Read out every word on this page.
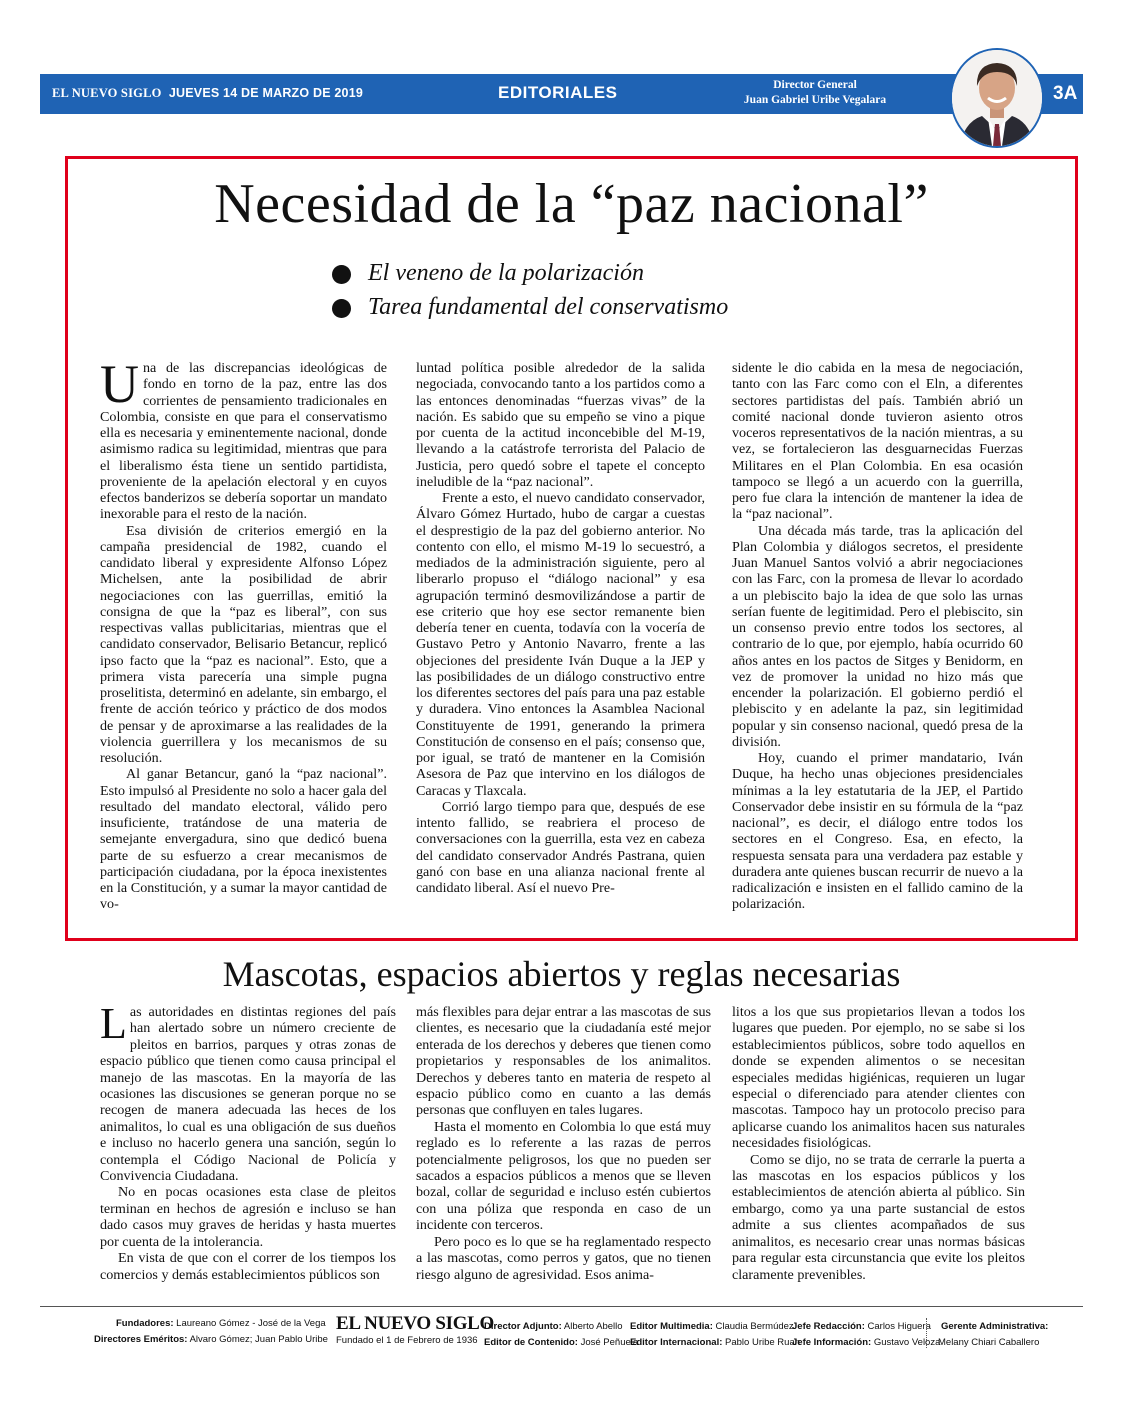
EL NUEVO SIGLO JUEVES 14 DE MARZO DE 2019	EDITORIALES	Director General
Juan Gabriel Uribe Vegalara	3A
Necesidad de la “paz nacional”
El veneno de la polarización
Tarea fundamental del conservatismo

Una de las discrepancias ideológicas de fondo en torno de la paz, entre las dos corrientes de pensamiento tradicionales en Colombia, consiste en que para el conservatismo ella es necesaria y eminentemente nacional, donde asimismo radica su legitimidad, mientras que para el liberalismo ésta tiene un sentido partidista, proveniente de la apelación electoral y en cuyos efectos banderizos se debería soportar un mandato inexorable para el resto de la nación.

Esa división de criterios emergió en la campaña presidencial de 1982, cuando el candidato liberal y expresidente Alfonso López Michelsen, ante la posibilidad de abrir negociaciones con las guerrillas, emitió la consigna de que la “paz es liberal”, con sus respectivas vallas publicitarias, mientras que el candidato conservador, Belisario Betancur, replicó ipso facto que la “paz es nacional”. Esto, que a primera vista parecería una simple pugna proselitista, determinó en adelante, sin embargo, el frente de acción teórico y práctico de dos modos de pensar y de aproximarse a las realidades de la violencia guerrillera y los mecanismos de su resolución.

Al ganar Betancur, ganó la “paz nacional”. Esto impulsó al Presidente no solo a hacer gala del resultado del mandato electoral, válido pero insuficiente, tratándose de una materia de semejante envergadura, sino que dedicó buena parte de su esfuerzo a crear mecanismos de participación ciudadana, por la época inexistentes en la Constitución, y a sumar la mayor cantidad de vo-

luntad política posible alrededor de la salida negociada, convocando tanto a los partidos como a las entonces denominadas “fuerzas vivas” de la nación. Es sabido que su empeño se vino a pique por cuenta de la actitud inconcebible del M-19, llevando a la catástrofe terrorista del Palacio de Justicia, pero quedó sobre el tapete el concepto ineludible de la “paz nacional”.

Frente a esto, el nuevo candidato conservador, Álvaro Gómez Hurtado, hubo de cargar a cuestas el desprestigio de la paz del gobierno anterior. No contento con ello, el mismo M-19 lo secuestró, a mediados de la administración siguiente, pero al liberarlo propuso el “diálogo nacional” y esa agrupación terminó desmovilizándose a partir de ese criterio que hoy ese sector remanente bien debería tener en cuenta, todavía con la vocería de Gustavo Petro y Antonio Navarro, frente a las objeciones del presidente Iván Duque a la JEP y las posibilidades de un diálogo constructivo entre los diferentes sectores del país para una paz estable y duradera. Vino entonces la Asamblea Nacional Constituyente de 1991, generando la primera Constitución de consenso en el país; consenso que, por igual, se trató de mantener en la Comisión Asesora de Paz que intervino en los diálogos de Caracas y Tlaxcala.

Corrió largo tiempo para que, después de ese intento fallido, se reabriera el proceso de conversaciones con la guerrilla, esta vez en cabeza del candidato conservador Andrés Pastrana, quien ganó con base en una alianza nacional frente al candidato liberal. Así el nuevo Pre-

sidente le dio cabida en la mesa de negociación, tanto con las Farc como con el Eln, a diferentes sectores partidistas del país. También abrió un comité nacional donde tuvieron asiento otros voceros representativos de la nación mientras, a su vez, se fortalecieron las desguarnecidas Fuerzas Militares en el Plan Colombia. En esa ocasión tampoco se llegó a un acuerdo con la guerrilla, pero fue clara la intención de mantener la idea de la “paz nacional”.

Una década más tarde, tras la aplicación del Plan Colombia y diálogos secretos, el presidente Juan Manuel Santos volvió a abrir negociaciones con las Farc, con la promesa de llevar lo acordado a un plebiscito bajo la idea de que solo las urnas serían fuente de legitimidad. Pero el plebiscito, sin un consenso previo entre todos los sectores, al contrario de lo que, por ejemplo, había ocurrido 60 años antes en los pactos de Sitges y Benidorm, en vez de promover la unidad no hizo más que encender la polarización. El gobierno perdió el plebiscito y en adelante la paz, sin legitimidad popular y sin consenso nacional, quedó presa de la división.

Hoy, cuando el primer mandatario, Iván Duque, ha hecho unas objeciones presidenciales mínimas a la ley estatutaria de la JEP, el Partido Conservador debe insistir en su fórmula de la “paz nacional”, es decir, el diálogo entre todos los sectores en el Congreso. Esa, en efecto, la respuesta sensata para una verdadera paz estable y duradera ante quienes buscan recurrir de nuevo a la radicalización e insisten en el fallido camino de la polarización.

Mascotas, espacios abiertos y reglas necesarias

Las autoridades en distintas regiones del país han alertado sobre un número creciente de pleitos en barrios, parques y otras zonas de espacio público que tienen como causa principal el manejo de las mascotas. En la mayoría de las ocasiones las discusiones se generan porque no se recogen de manera adecuada las heces de los animalitos, lo cual es una obligación de sus dueños e incluso no hacerlo genera una sanción, según lo contempla el Código Nacional de Policía y Convivencia Ciudadana.

No en pocas ocasiones esta clase de pleitos terminan en hechos de agresión e incluso se han dado casos muy graves de heridas y hasta muertes por cuenta de la intolerancia.

En vista de que con el correr de los tiempos los comercios y demás establecimientos públicos son

más flexibles para dejar entrar a las mascotas de sus clientes, es necesario que la ciudadanía esté mejor enterada de los derechos y deberes que tienen como propietarios y responsables de los animalitos. Derechos y deberes tanto en materia de respeto al espacio público como en cuanto a las demás personas que confluyen en tales lugares.

Hasta el momento en Colombia lo que está muy reglado es lo referente a las razas de perros potencialmente peligrosos, los que no pueden ser sacados a espacios públicos a menos que se lleven bozal, collar de seguridad e incluso estén cubiertos con una póliza que responda en caso de un incidente con terceros.

Pero poco es lo que se ha reglamentado respecto a las mascotas, como perros y gatos, que no tienen riesgo alguno de agresividad. Esos anima-

litos a los que sus propietarios llevan a todos los lugares que pueden. Por ejemplo, no se sabe si los establecimientos públicos, sobre todo aquellos en donde se expenden alimentos o se necesitan especiales medidas higiénicas, requieren un lugar especial o diferenciado para atender clientes con mascotas. Tampoco hay un protocolo preciso para aplicarse cuando los animalitos hacen sus naturales necesidades fisiológicas.

Como se dijo, no se trata de cerrarle la puerta a las mascotas en los espacios públicos y los establecimientos de atención abierta al público. Sin embargo, como ya una parte sustancial de estos admite a sus clientes acompañados de sus animalitos, es necesario crear unas normas básicas para regular esta circunstancia que evite los pleitos claramente prevenibles.

Fundadores: Laureano Gómez - José de la Vega
Directores Eméritos: Alvaro Gómez; Juan Pablo Uribe
EL NUEVO SIGLO
Fundado el 1 de Febrero de 1936
Director Adjunto: Alberto Abello
Editor de Contenido: José Peñuela
Editor Multimedia: Claudia Bermúdez
Editor Internacional: Pablo Uribe Ruan
Jefe Redacción: Carlos Higuera
Jefe Información: Gustavo Veloza
Gerente Administrativa:
Melany Chiari Caballero
